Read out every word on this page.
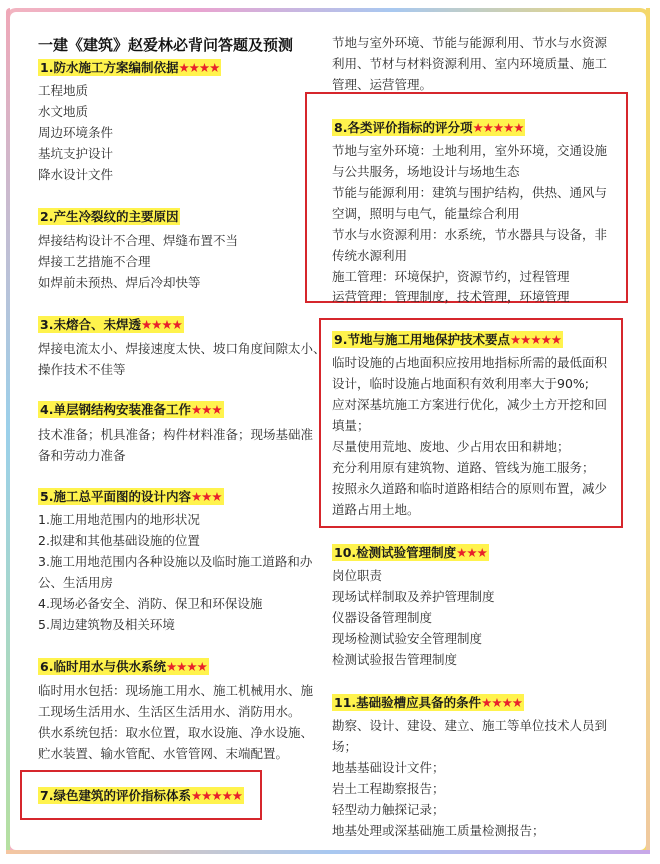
一建《建筑》赵爱林必背问答题及预测
1.防水施工方案编制依据★★★★
工程地质
水文地质
周边环境条件
基坑支护设计
降水设计文件
2.产生冷裂纹的主要原因
焊接结构设计不合理、焊缝布置不当
焊接工艺措施不合理
如焊前未预热、焊后冷却快等
3.未熔合、未焊透★★★★
焊接电流太小、焊接速度太快、坡口角度间隙太小、
操作技术不佳等
4.单层钢结构安装准备工作★★★
技术准备；机具准备；构件材料准备；现场基础准
备和劳动力准备
5.施工总平面图的设计内容★★★
1.施工用地范围内的地形状况
2.拟建和其他基础设施的位置
3.施工用地范围内各种设施以及临时施工道路和办
公、生活用房
4.现场必备安全、消防、保卫和环保设施
5.周边建筑物及相关环境
6.临时用水与供水系统★★★★
临时用水包括：现场施工用水、施工机械用水、施
工现场生活用水、生活区生活用水、消防用水。
供水系统包括：取水位置，取水设施、净水设施、
贮水装置、输水管配、水管管网、末端配置。
7.绿色建筑的评价指标体系★★★★★
节地与室外环境、节能与能源利用、节水与水资源
利用、节材与材料资源利用、室内环境质量、施工
管理、运营管理。
8.各类评价指标的评分项★★★★★
节地与室外环境：土地利用，室外环境，交通设施
与公共服务，场地设计与场地生态
节能与能源利用：建筑与围护结构，供热、通风与
空调，照明与电气，能量综合利用
节水与水资源利用：水系统，节水器具与设备，非
传统水源利用
施工管理：环境保护，资源节约，过程管理
运营管理：管理制度，技术管理，环境管理
9.节地与施工用地保护技术要点★★★★★
临时设施的占地面积应按用地指标所需的最低面积
设计，临时设施占地面积有效利用率大于90%;
应对深基坑施工方案进行优化，减少土方开挖和回
填量；
尽量使用荒地、废地、少占用农田和耕地；
充分利用原有建筑物、道路、管线为施工服务；
按照永久道路和临时道路相结合的原则布置，减少
道路占用土地。
10.检测试验管理制度★★★
岗位职责
现场试样制取及养护管理制度
仪器设备管理制度
现场检测试验安全管理制度
检测试验报告管理制度
11.基础验槽应具备的条件★★★★
勘察、设计、建设、建立、施工等单位技术人员到
场；
地基基础设计文件；
岩土工程勘察报告；
轻型动力触探记录；
地基处理或深基础施工质量检测报告；
